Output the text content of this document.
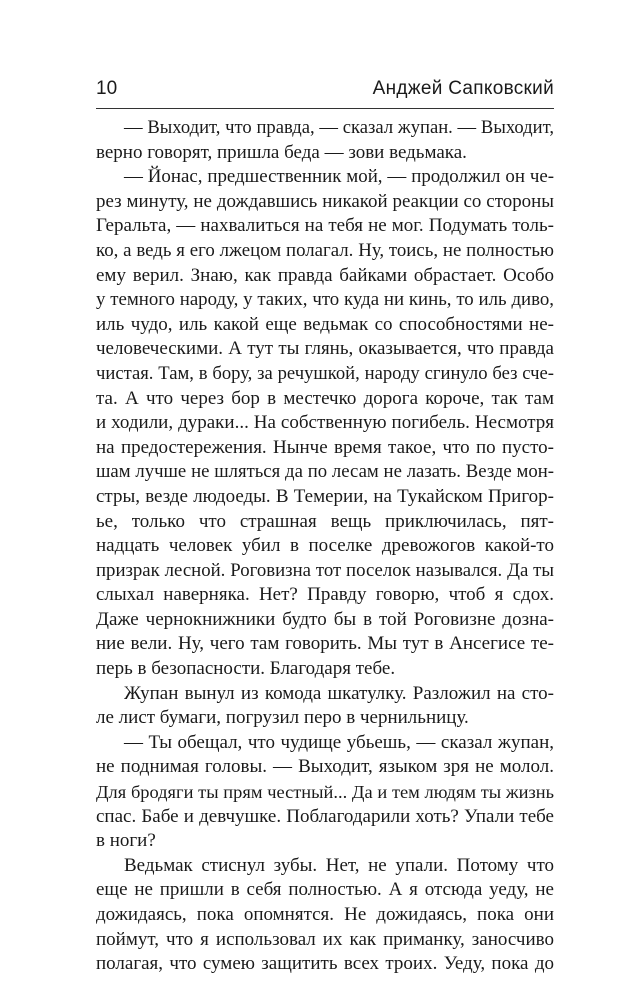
10	Анджей Сапковский
— Выходит, что правда, — сказал жупан. — Выходит,
верно говорят, пришла беда — зови ведьмака.
— Йонас, предшественник мой, — продолжил он че-
рез минуту, не дождавшись никакой реакции со стороны
Геральта, — нахвалиться на тебя не мог. Подумать толь-
ко, а ведь я его лжецом полагал. Ну, тоись, не полностью
ему верил. Знаю, как правда байками обрастает. Особо
у темного народу, у таких, что куда ни кинь, то иль диво,
иль чудо, иль какой еще ведьмак со способностями не-
человеческими. А тут ты глянь, оказывается, что правда
чистая. Там, в бору, за речушкой, народу сгинуло без сче-
та. А что через бор в местечко дорога короче, так там
и ходили, дураки... На собственную погибель. Несмотря
на предостережения. Нынче время такое, что по пусто-
шам лучше не шляться да по лесам не лазать. Везде мон-
стры, везде людоеды. В Темерии, на Тукайском Пригор-
ье, только что страшная вещь приключилась, пят-
надцать человек убил в поселке древожогов какой-то
призрак лесной. Роговизна тот поселок назывался. Да ты
слыхал наверняка. Нет? Правду говорю, чтоб я сдох.
Даже чернокнижники будто бы в той Роговизне дозна-
ние вели. Ну, чего там говорить. Мы тут в Ансегисе те-
перь в безопасности. Благодаря тебе.
Жупан вынул из комода шкатулку. Разложил на сто-
ле лист бумаги, погрузил перо в чернильницу.
— Ты обещал, что чудище убьешь, — сказал жупан,
не поднимая головы. — Выходит, языком зря не молол.
Для бродяги ты прям честный... Да и тем людям ты жизнь
спас. Бабе и девчушке. Поблагодарили хоть? Упали тебе
в ноги?
Ведьмак стиснул зубы. Нет, не упали. Потому что
еще не пришли в себя полностью. А я отсюда уеду, не
дожидаясь, пока опомнятся. Не дожидаясь, пока они
поймут, что я использовал их как приманку, заносчиво
полагая, что сумею защитить всех троих. Уеду, пока до
